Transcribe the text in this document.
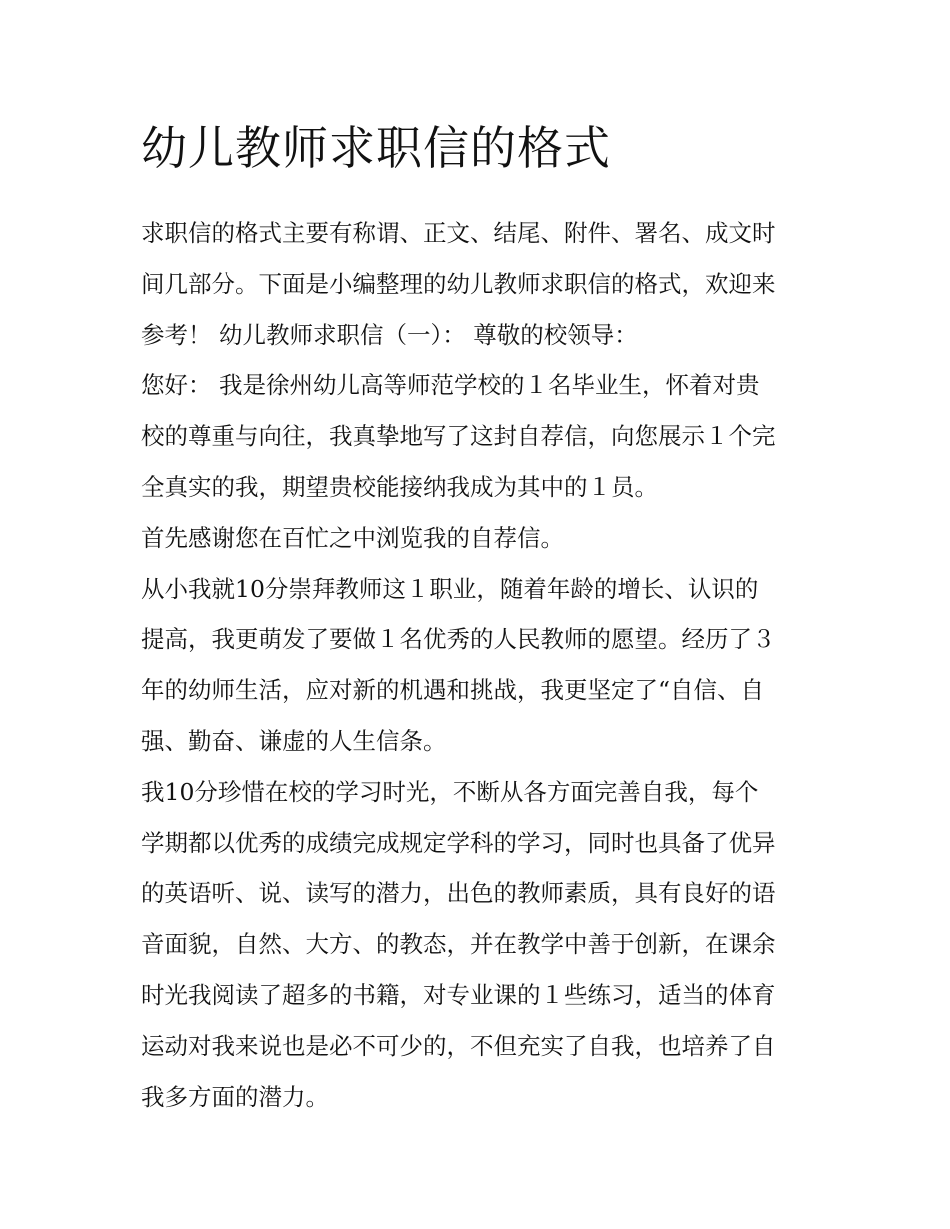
幼儿教师求职信的格式

求职信的格式主要有称谓、正文、结尾、附件、署名、成文时

间几部分。下面是小编整理的幼儿教师求职信的格式，欢迎来

参考！ 幼儿教师求职信（一）： 尊敬的校领导：

您好： 我是徐州幼儿高等师范学校的１名毕业生，怀着对贵

校的尊重与向往，我真挚地写了这封自荐信，向您展示１个完

全真实的我，期望贵校能接纳我成为其中的１员。

首先感谢您在百忙之中浏览我的自荐信。

从小我就10分崇拜教师这１职业，随着年龄的增长、认识的

提高，我更萌发了要做１名优秀的人民教师的愿望。经历了３

年的幼师生活，应对新的机遇和挑战，我更坚定了“自信、自

强、勤奋、谦虚的人生信条。

我10分珍惜在校的学习时光，不断从各方面完善自我，每个

学期都以优秀的成绩完成规定学科的学习，同时也具备了优异

的英语听、说、读写的潜力，出色的教师素质，具有良好的语

音面貌，自然、大方、的教态，并在教学中善于创新，在课余

时光我阅读了超多的书籍，对专业课的１些练习，适当的体育

运动对我来说也是必不可少的，不但充实了自我，也培养了自

我多方面的潜力。
